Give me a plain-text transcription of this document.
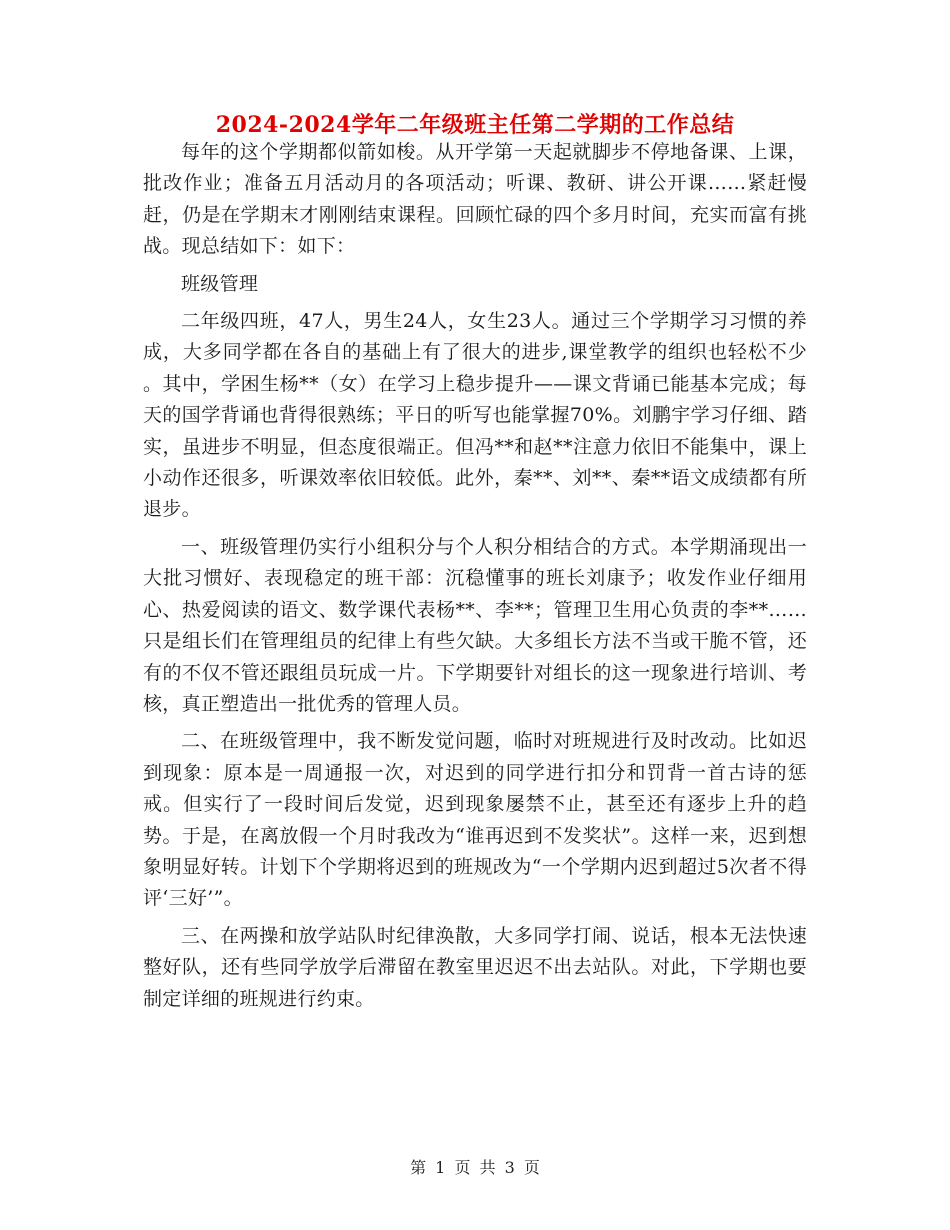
2024-2024学年二年级班主任第二学期的工作总结

每年的这个学期都似箭如梭。从开学第一天起就脚步不停地备课、上课，批改作业；准备五月活动月的各项活动；听课、教研、讲公开课……紧赶慢赶，仍是在学期末才刚刚结束课程。回顾忙碌的四个多月时间，充实而富有挑战。现总结如下：如下：

班级管理

二年级四班，47人，男生24人，女生23人。通过三个学期学习习惯的养成，大多同学都在各自的基础上有了很大的进步,课堂教学的组织也轻松不少 。其中，学困生杨**（女）在学习上稳步提升——课文背诵已能基本完成；每天的国学背诵也背得很熟练；平日的听写也能掌握70%。刘鹏宇学习仔细、踏实，虽进步不明显，但态度很端正。但冯**和赵**注意力依旧不能集中，课上小动作还很多，听课效率依旧较低。此外，秦**、刘**、秦**语文成绩都有所退步。

一、班级管理仍实行小组积分与个人积分相结合的方式。本学期涌现出一大批习惯好、表现稳定的班干部：沉稳懂事的班长刘康予；收发作业仔细用心、热爱阅读的语文、数学课代表杨**、李**；管理卫生用心负责的李**……只是组长们在管理组员的纪律上有些欠缺。大多组长方法不当或干脆不管，还有的不仅不管还跟组员玩成一片。下学期要针对组长的这一现象进行培训、考核，真正塑造出一批优秀的管理人员。

二、在班级管理中，我不断发觉问题，临时对班规进行及时改动。比如迟到现象：原本是一周通报一次，对迟到的同学进行扣分和罚背一首古诗的惩戒。但实行了一段时间后发觉，迟到现象屡禁不止，甚至还有逐步上升的趋势。于是，在离放假一个月时我改为“谁再迟到不发奖状”。这样一来，迟到想象明显好转。计划下个学期将迟到的班规改为“一个学期内迟到超过5次者不得评‘三好’”。

三、在两操和放学站队时纪律涣散，大多同学打闹、说话，根本无法快速整好队，还有些同学放学后滞留在教室里迟迟不出去站队。对此，下学期也要制定详细的班规进行约束。

第 1 页 共 3 页
